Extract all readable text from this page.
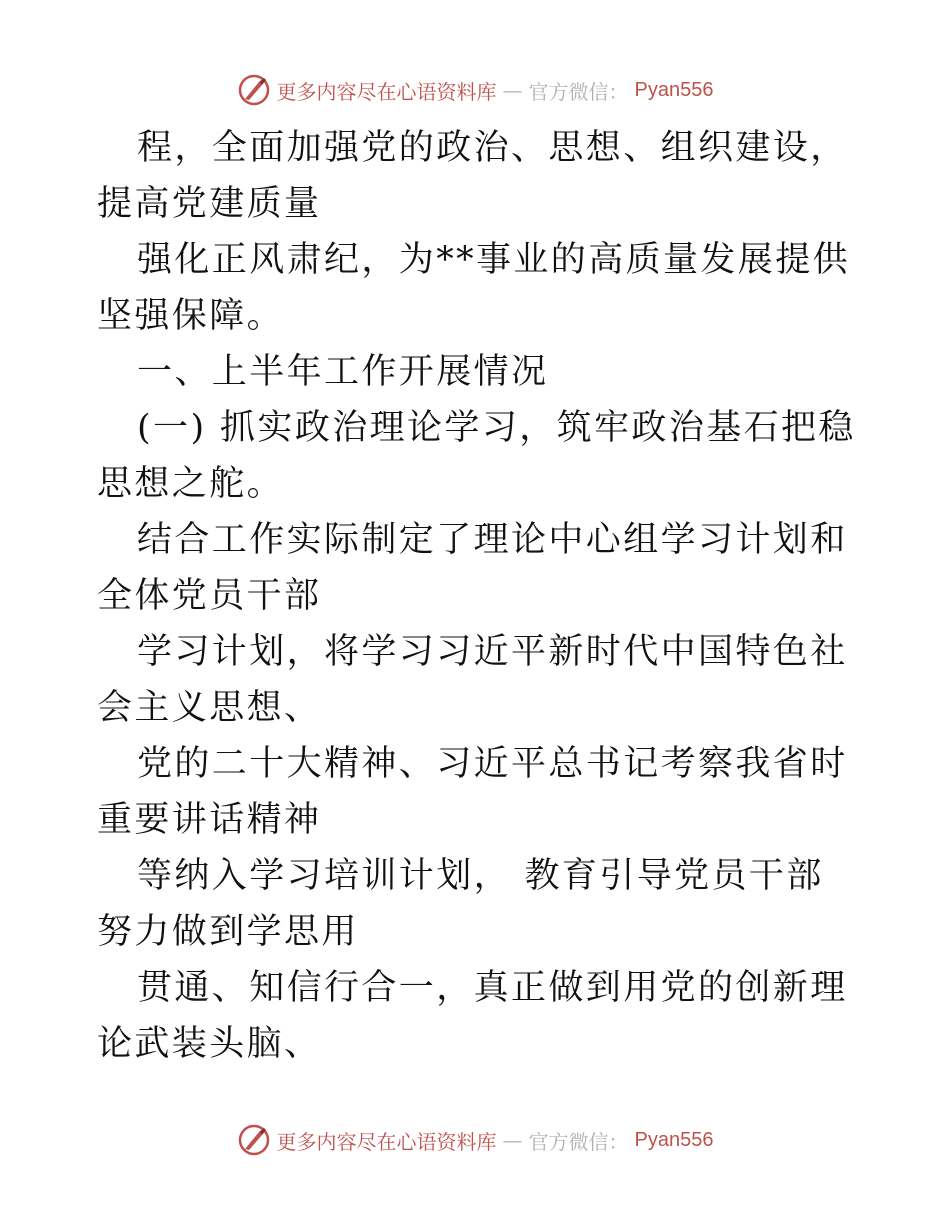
更多内容尽在心语资料库 — 官方微信： Pyan556

程，全面加强党的政治、思想、组织建设，提高党建质量

强化正风肃纪，为**事业的高质量发展提供坚强保障。

一、上半年工作开展情况

(一) 抓实政治理论学习，筑牢政治基石把稳思想之舵。

结合工作实际制定了理论中心组学习计划和全体党员干部

学习计划，将学习习近平新时代中国特色社会主义思想、

党的二十大精神、习近平总书记考察我省时重要讲话精神

等纳入学习培训计划， 教育引导党员干部努力做到学思用

贯通、知信行合一，真正做到用党的创新理论武装头脑、

更多内容尽在心语资料库 — 官方微信： Pyan556
